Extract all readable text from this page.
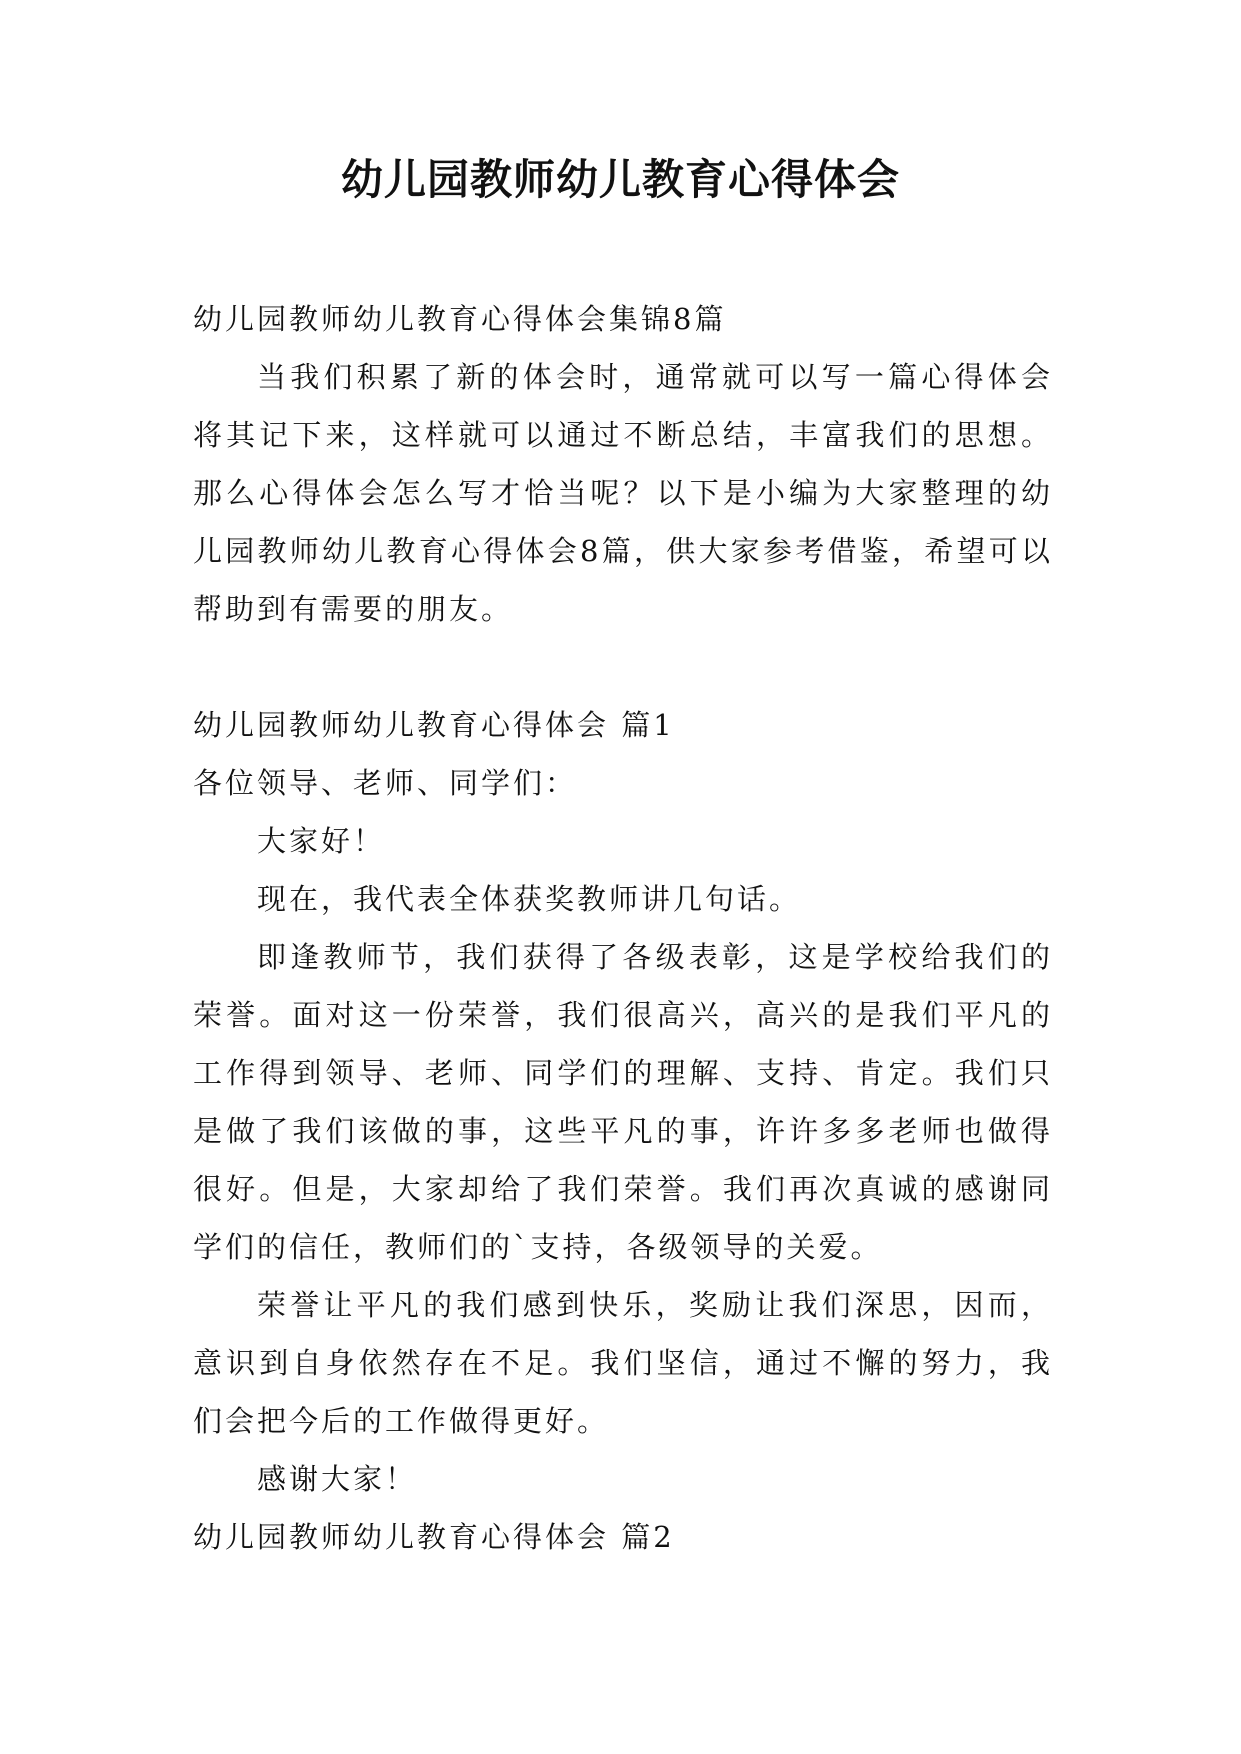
幼儿园教师幼儿教育心得体会

幼儿园教师幼儿教育心得体会集锦8篇

当我们积累了新的体会时，通常就可以写一篇心得体会将其记下来，这样就可以通过不断总结，丰富我们的思想。那么心得体会怎么写才恰当呢？以下是小编为大家整理的幼儿园教师幼儿教育心得体会8篇，供大家参考借鉴，希望可以帮助到有需要的朋友。

幼儿园教师幼儿教育心得体会 篇1

各位领导、老师、同学们：

大家好！

现在，我代表全体获奖教师讲几句话。

即逢教师节，我们获得了各级表彰，这是学校给我们的荣誉。面对这一份荣誉，我们很高兴，高兴的是我们平凡的工作得到领导、老师、同学们的理解、支持、肯定。我们只是做了我们该做的事，这些平凡的事，许许多多老师也做得很好。但是，大家却给了我们荣誉。我们再次真诚的感谢同学们的信任，教师们的`支持，各级领导的关爱。

荣誉让平凡的我们感到快乐，奖励让我们深思，因而，意识到自身依然存在不足。我们坚信，通过不懈的努力，我们会把今后的工作做得更好。

感谢大家！

幼儿园教师幼儿教育心得体会 篇2
